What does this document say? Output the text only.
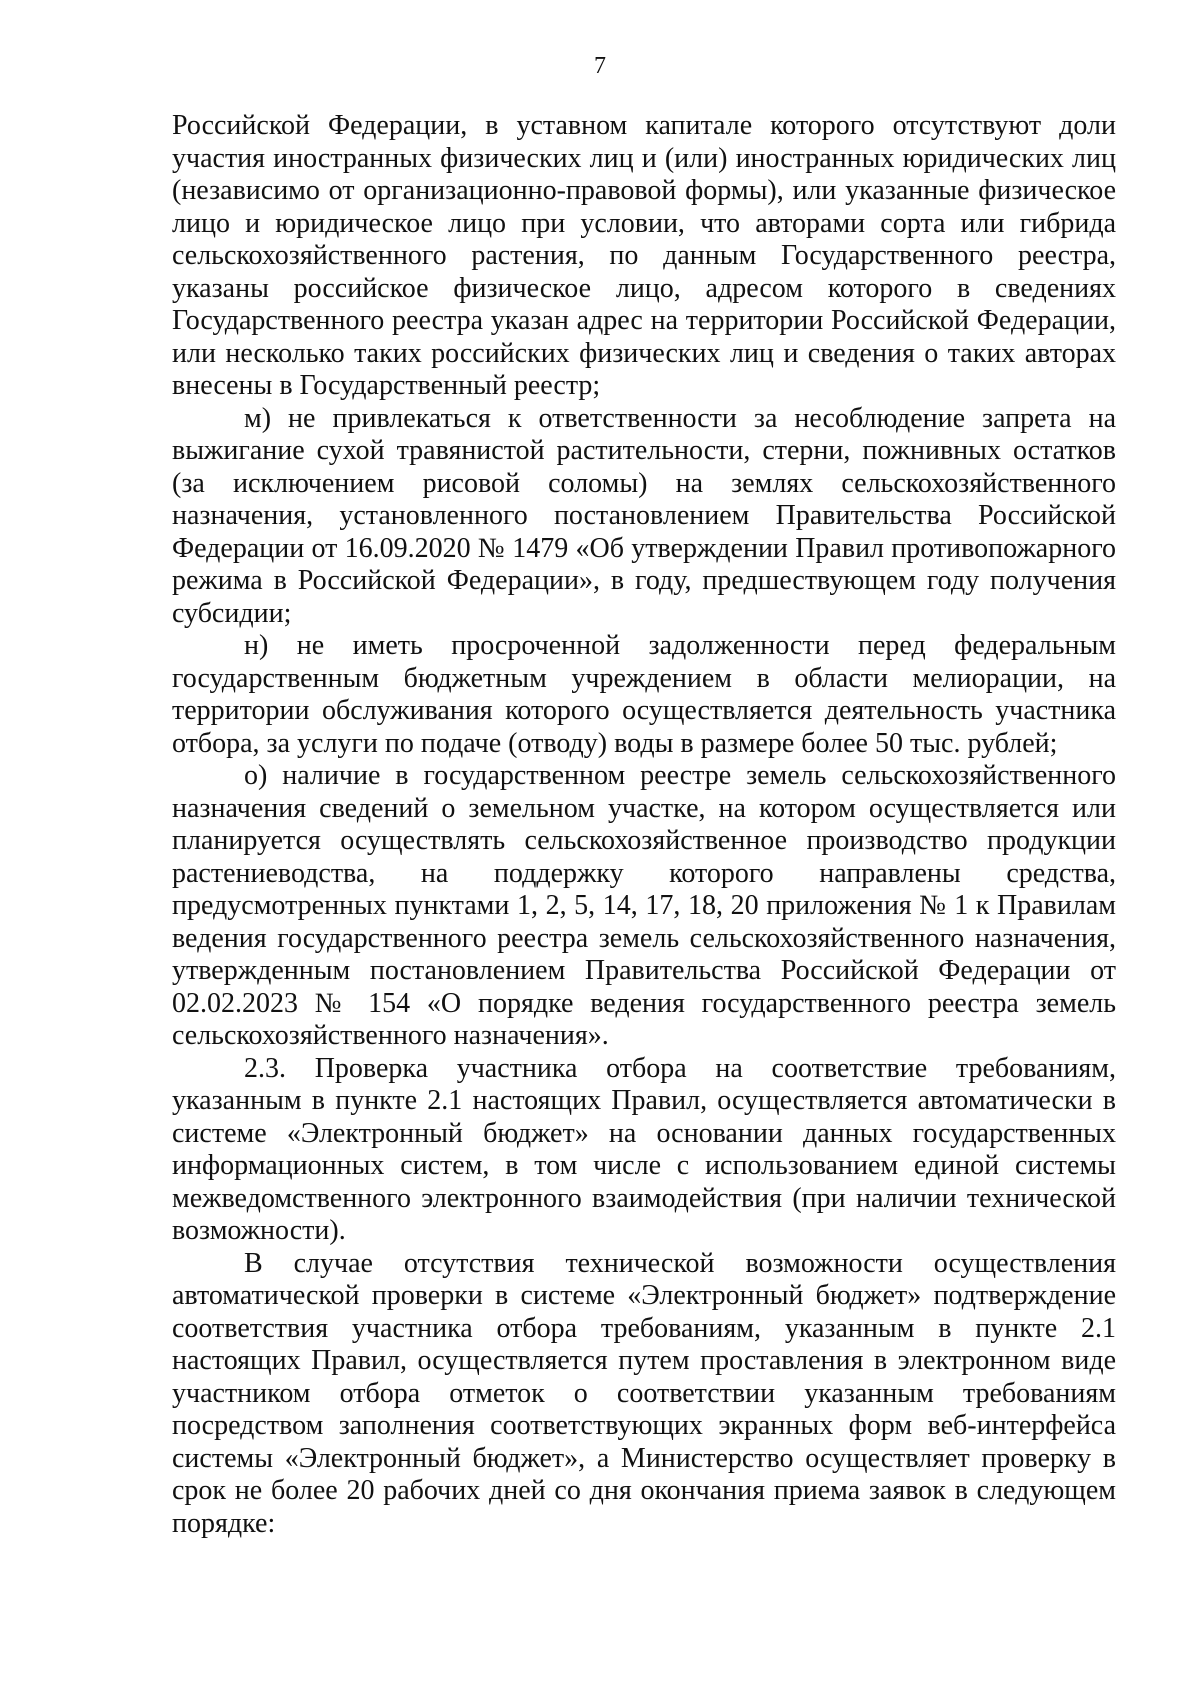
7

Российской Федерации, в уставном капитале которого отсутствуют доли участия иностранных физических лиц и (или) иностранных юридических лиц (независимо от организационно-правовой формы), или указанные физическое лицо и юридическое лицо при условии, что авторами сорта или гибрида сельскохозяйственного растения, по данным Государственного реестра, указаны российское физическое лицо, адресом которого в сведениях Государственного реестра указан адрес на территории Российской Федерации, или несколько таких российских физических лиц и сведения о таких авторах внесены в Государственный реестр;

м) не привлекаться к ответственности за несоблюдение запрета на выжигание сухой травянистой растительности, стерни, пожнивных остатков (за исключением рисовой соломы) на землях сельскохозяйственного назначения, установленного постановлением Правительства Российской Федерации от 16.09.2020 № 1479 «Об утверждении Правил противопожарного режима в Российской Федерации», в году, предшествующем году получения субсидии;

н) не иметь просроченной задолженности перед федеральным государственным бюджетным учреждением в области мелиорации, на территории обслуживания которого осуществляется деятельность участника отбора, за услуги по подаче (отводу) воды в размере более 50 тыс. рублей;

о) наличие в государственном реестре земель сельскохозяйственного назначения сведений о земельном участке, на котором осуществляется или планируется осуществлять сельскохозяйственное производство продукции растениеводства, на поддержку которого направлены средства, предусмотренных пунктами 1, 2, 5, 14, 17, 18, 20 приложения № 1 к Правилам ведения государственного реестра земель сельскохозяйственного назначения, утвержденным постановлением Правительства Российской Федерации от 02.02.2023 № 154 «О порядке ведения государственного реестра земель сельскохозяйственного назначения».

2.3. Проверка участника отбора на соответствие требованиям, указанным в пункте 2.1 настоящих Правил, осуществляется автоматически в системе «Электронный бюджет» на основании данных государственных информационных систем, в том числе с использованием единой системы межведомственного электронного взаимодействия (при наличии технической возможности).

В случае отсутствия технической возможности осуществления автоматической проверки в системе «Электронный бюджет» подтверждение соответствия участника отбора требованиям, указанным в пункте 2.1 настоящих Правил, осуществляется путем проставления в электронном виде участником отбора отметок о соответствии указанным требованиям посредством заполнения соответствующих экранных форм веб-интерфейса системы «Электронный бюджет», а Министерство осуществляет проверку в срок не более 20 рабочих дней со дня окончания приема заявок в следующем порядке:
